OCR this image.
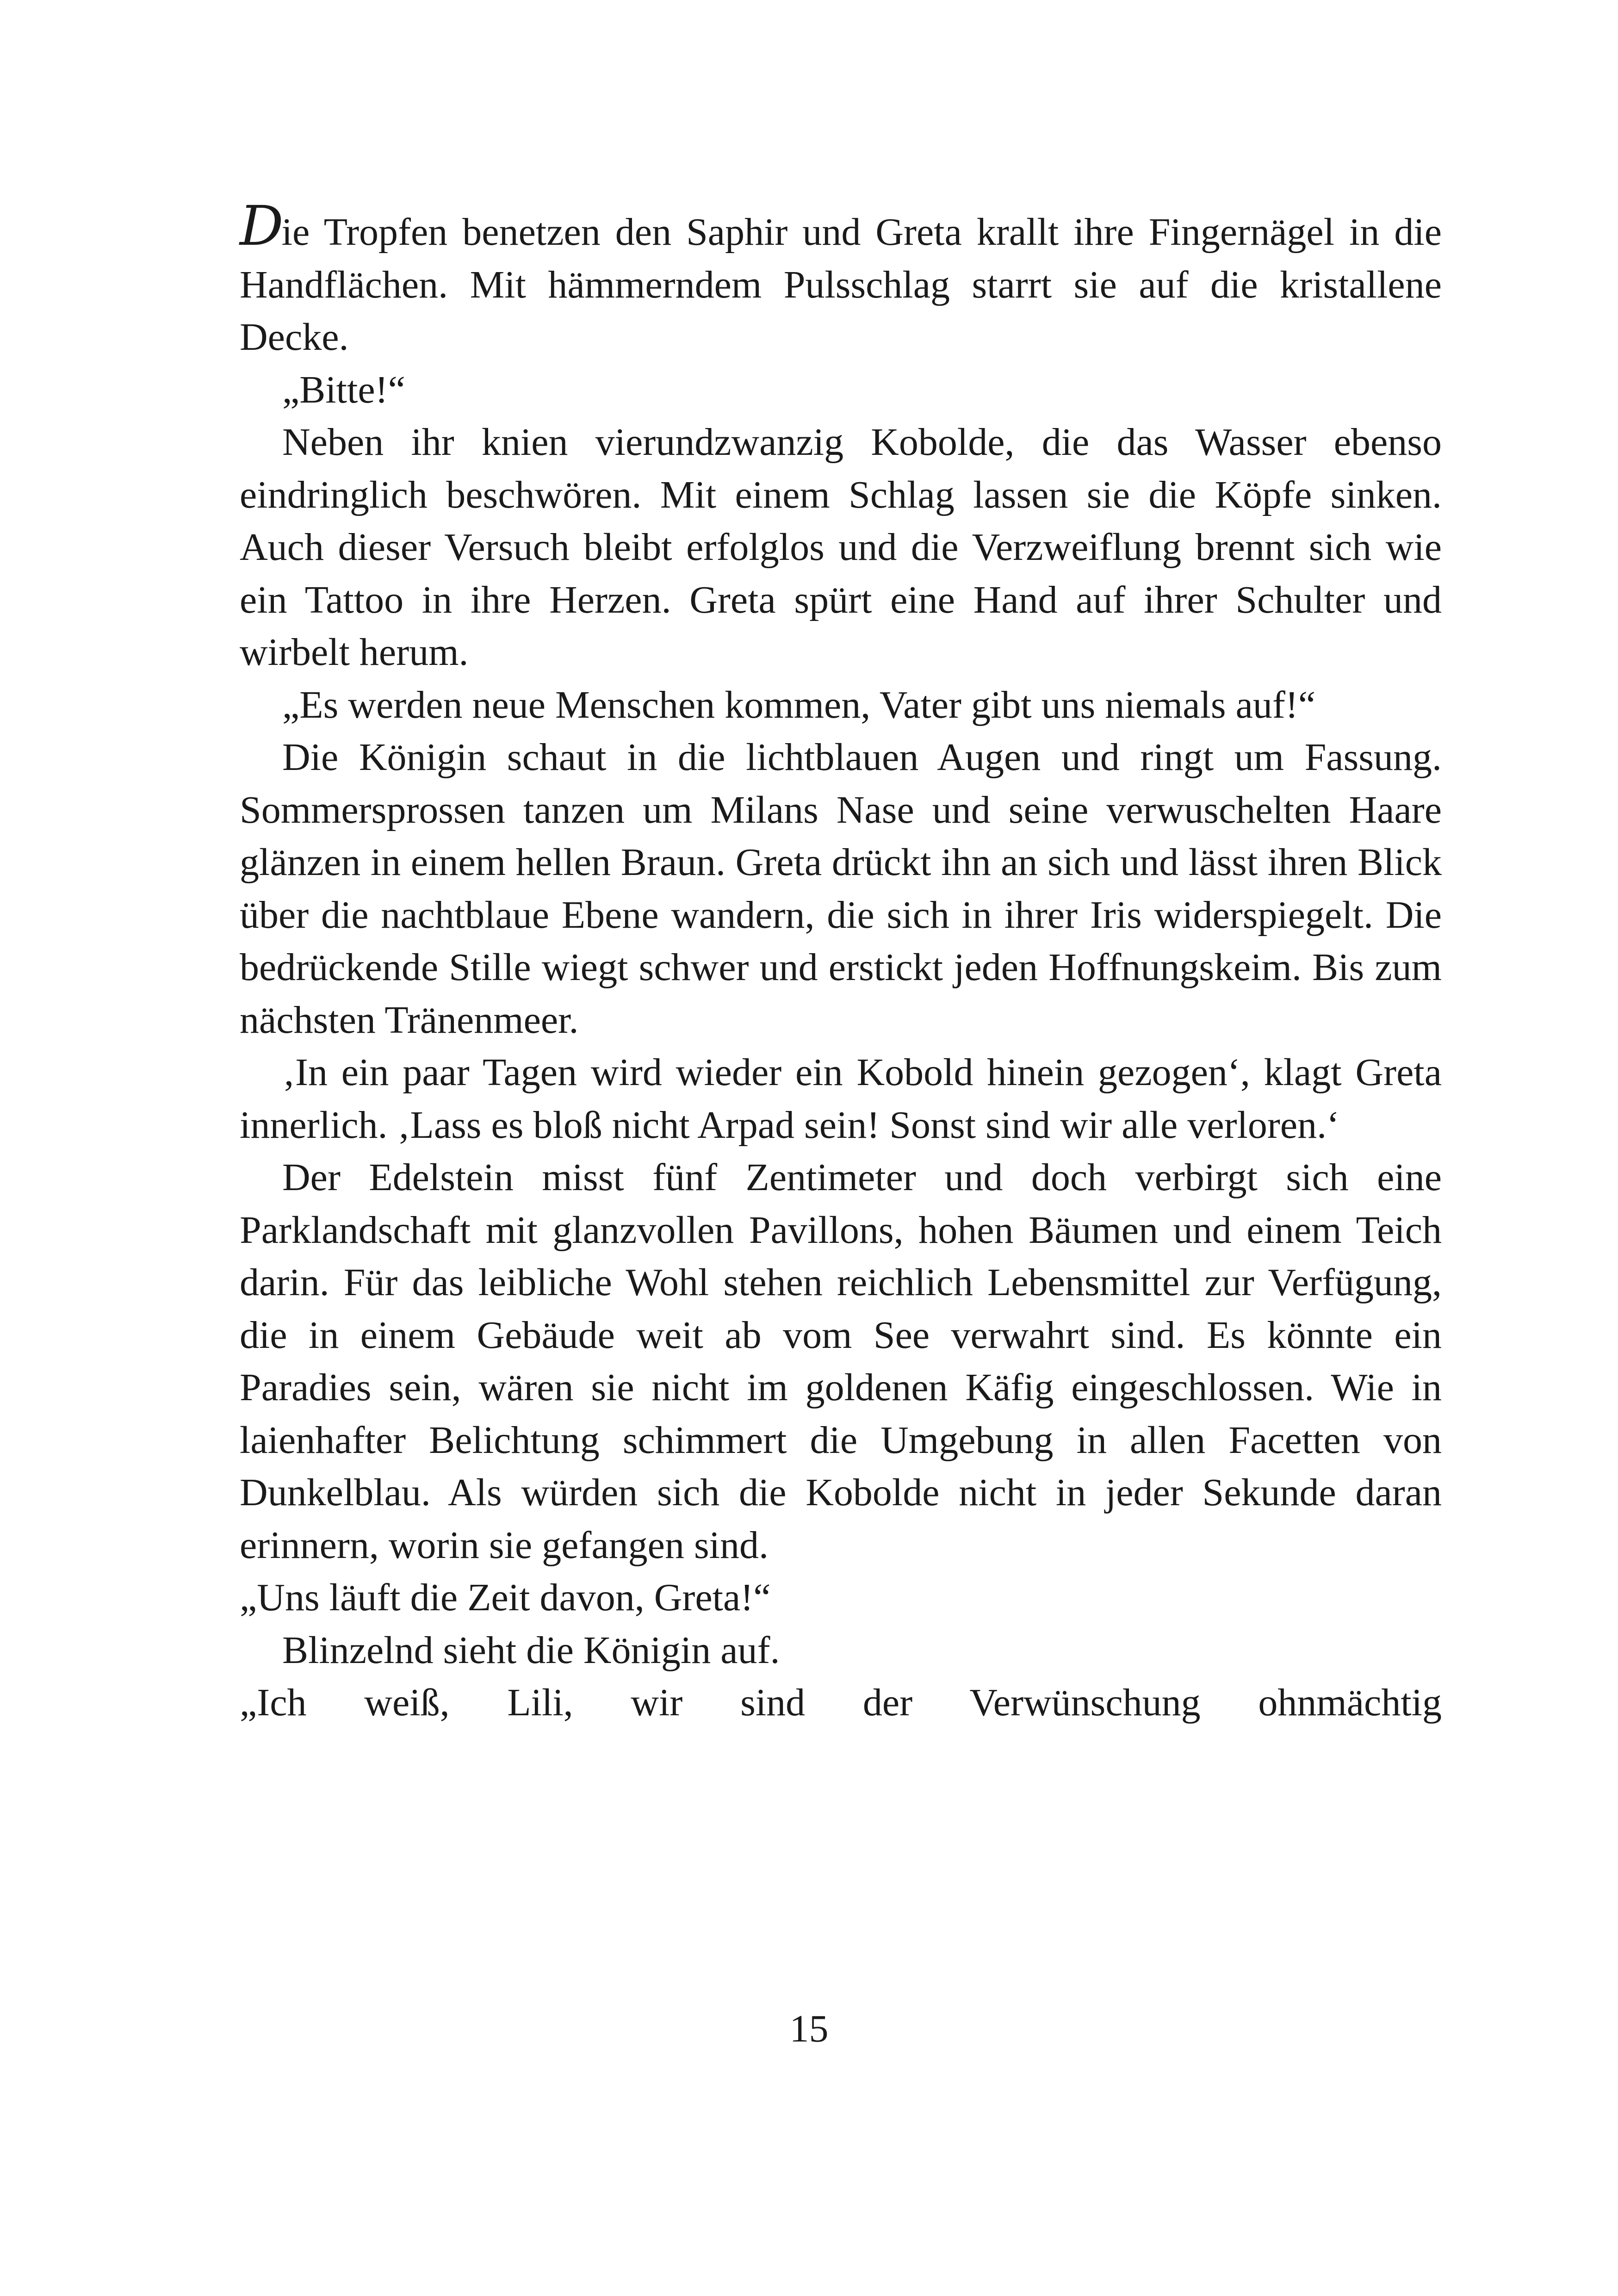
Die Tropfen benetzen den Saphir und Greta krallt ihre Fingernägel in die Handflächen. Mit hämmerndem Pulsschlag starrt sie auf die kristallene Decke.

„Bitte!“

Neben ihr knien vierundzwanzig Kobolde, die das Wasser ebenso eindringlich beschwören. Mit einem Schlag lassen sie die Köpfe sinken. Auch dieser Versuch bleibt erfolglos und die Verzweiflung brennt sich wie ein Tattoo in ihre Herzen. Greta spürt eine Hand auf ihrer Schulter und wirbelt herum.

„Es werden neue Menschen kommen, Vater gibt uns niemals auf!“

Die Königin schaut in die lichtblauen Augen und ringt um Fassung. Sommersprossen tanzen um Milans Nase und seine verwuschelten Haare glänzen in einem hellen Braun. Greta drückt ihn an sich und lässt ihren Blick über die nachtblaue Ebene wandern, die sich in ihrer Iris widerspiegelt. Die bedrückende Stille wiegt schwer und erstickt jeden Hoffnungskeim. Bis zum nächsten Tränenmeer.

‚In ein paar Tagen wird wieder ein Kobold hinein gezogen‘, klagt Greta innerlich. ‚Lass es bloß nicht Arpad sein! Sonst sind wir alle verloren.‘

Der Edelstein misst fünf Zentimeter und doch verbirgt sich eine Parklandschaft mit glanzvollen Pavillons, hohen Bäumen und einem Teich darin. Für das leibliche Wohl stehen reichlich Lebensmittel zur Verfügung, die in einem Gebäude weit ab vom See verwahrt sind. Es könnte ein Paradies sein, wären sie nicht im goldenen Käfig eingeschlossen. Wie in laienhafter Belichtung schimmert die Umgebung in allen Facetten von Dunkelblau. Als würden sich die Kobolde nicht in jeder Sekunde daran erinnern, worin sie gefangen sind.

„Uns läuft die Zeit davon, Greta!“

Blinzelnd sieht die Königin auf.

„Ich weiß, Lili, wir sind der Verwünschung ohnmächtig

15
